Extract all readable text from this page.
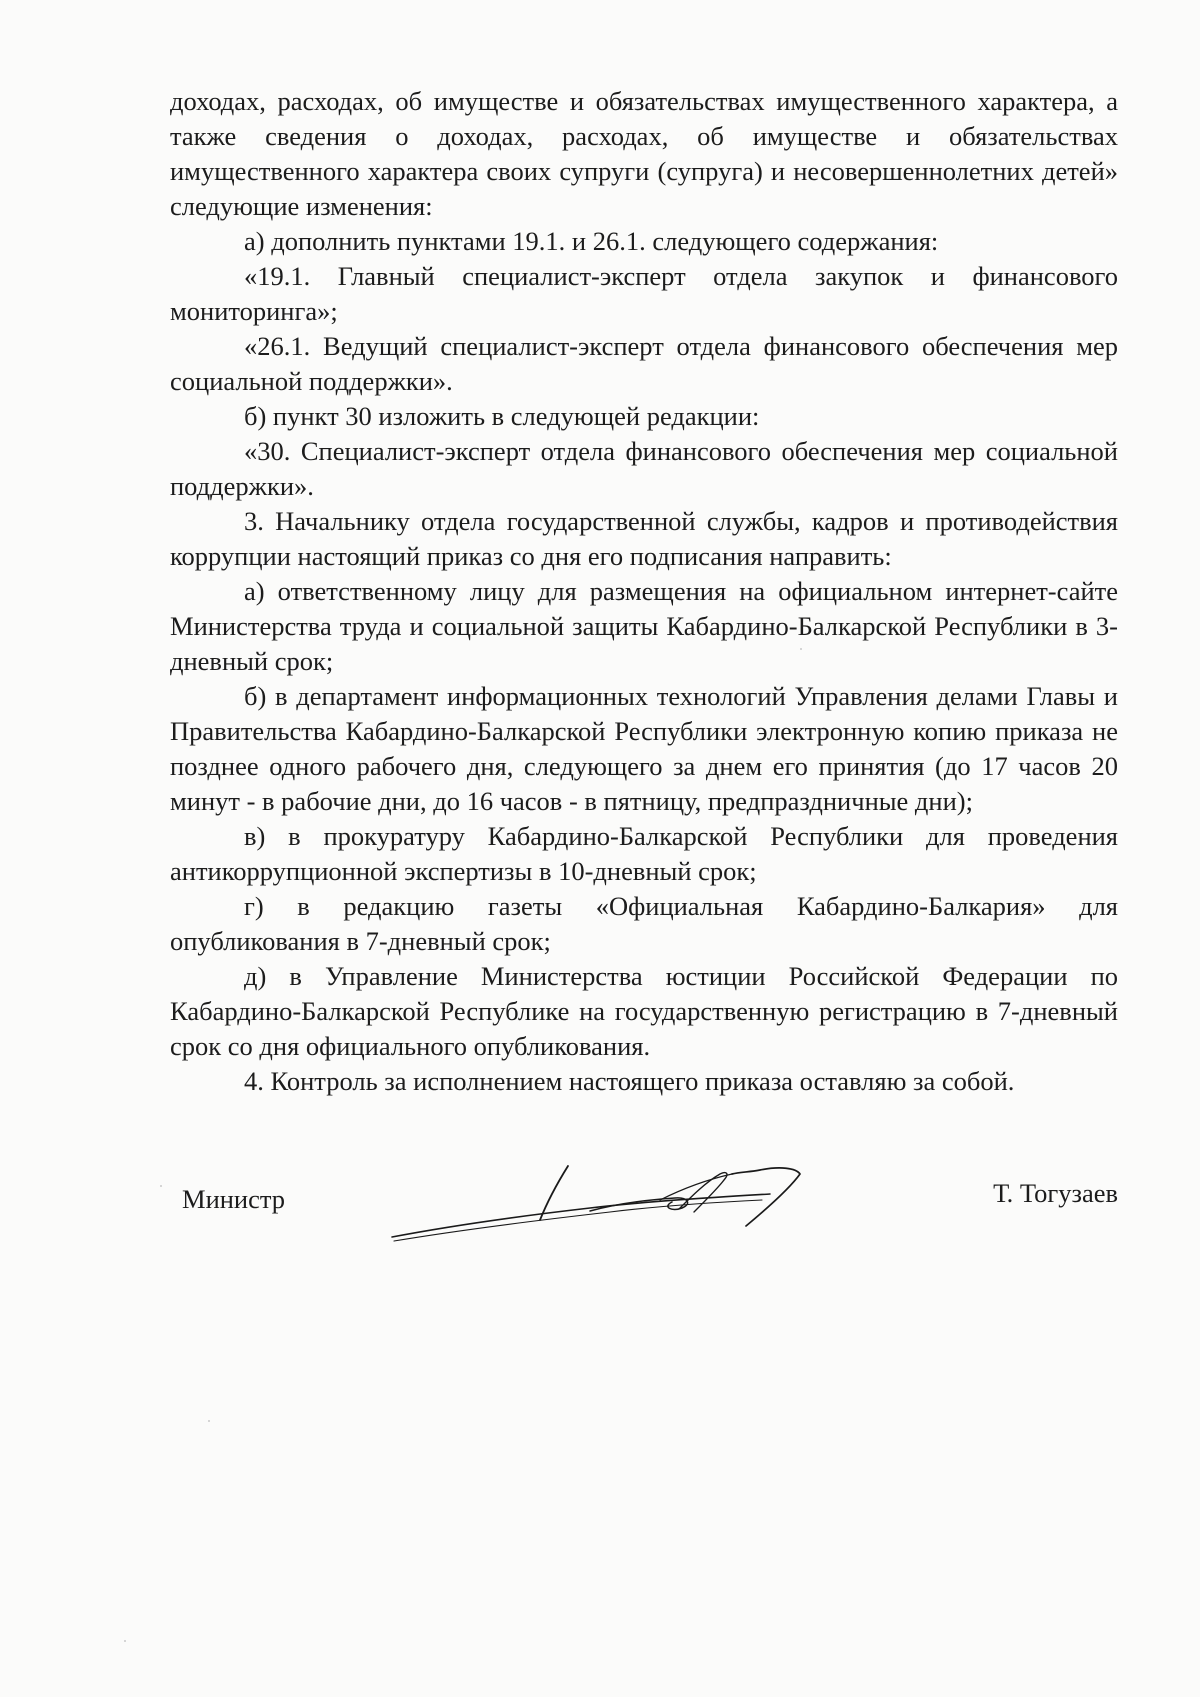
доходах, расходах, об имуществе и обязательствах имущественного характера, а также сведения о доходах, расходах, об имуществе и обязательствах имущественного характера своих супруги (супруга) и несовершеннолетних детей» следующие изменения:

а) дополнить пунктами 19.1. и 26.1. следующего содержания:

«19.1. Главный специалист-эксперт отдела закупок и финансового мониторинга»;

«26.1. Ведущий специалист-эксперт отдела финансового обеспечения мер социальной поддержки».

б) пункт 30 изложить в следующей редакции:

«30. Специалист-эксперт отдела финансового обеспечения мер социальной поддержки».

3. Начальнику отдела государственной службы, кадров и противодействия коррупции настоящий приказ со дня его подписания направить:

а) ответственному лицу для размещения на официальном интернет-сайте Министерства труда и социальной защиты Кабардино-Балкарской Республики в 3-дневный срок;

б) в департамент информационных технологий Управления делами Главы и Правительства Кабардино-Балкарской Республики электронную копию приказа не позднее одного рабочего дня, следующего за днем его принятия (до 17 часов 20 минут - в рабочие дни, до 16 часов - в пятницу, предпраздничные дни);

в) в прокуратуру Кабардино-Балкарской Республики для проведения антикоррупционной экспертизы в 10-дневный срок;

г) в редакцию газеты «Официальная Кабардино-Балкария» для опубликования в 7-дневный срок;

д) в Управление Министерства юстиции Российской Федерации по Кабардино-Балкарской Республике на государственную регистрацию в 7-дневный срок со дня официального опубликования.

4. Контроль за исполнением настоящего приказа оставляю за собой.

Министр	Т. Тогузаев
